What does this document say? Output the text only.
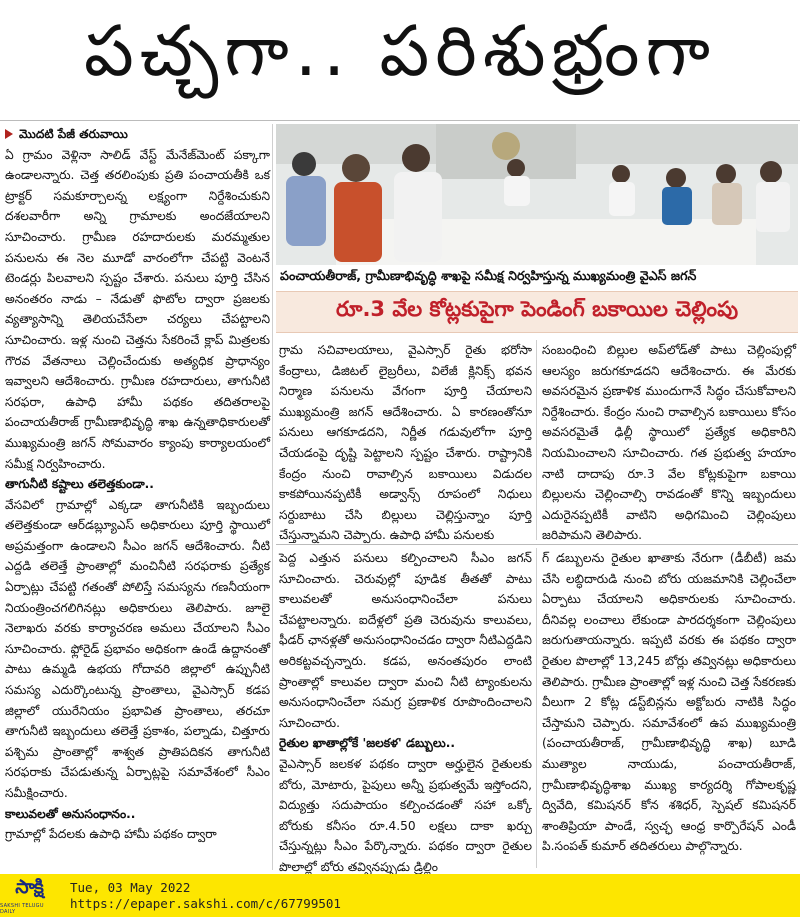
పచ్చగా.. పరిశుభ్రంగా
మొదటి పేజీ తరువాయి

ఏ గ్రామం వెళ్లినా సాలిడ్ వేస్ట్ మేనేజ్‌మెంట్ పక్కాగా ఉండాలన్నారు. చెత్త తరలింపుకు ప్రతి పంచాయతీకి ఒక ట్రాక్టర్ సమకూర్చాలన్న లక్ష్యంగా నిర్దేశించుకుని దశలవారీగా అన్ని గ్రామాలకు అందజేయాలని సూచించారు. గ్రామీణ రహదారులకు మరమ్మతుల పనులను ఈ నెల మూడో వారంలోగా చేపట్టి వెంటనే టెండర్లు పిలవాలని స్పష్టం చేశారు. పనులు పూర్తి చేసిన అనంతరం నాడు – నేడుతో ఫొటోల ద్వారా ప్రజలకు వ్యత్యాసాన్ని తెలియచేసేలా చర్యలు చేపట్టాలని సూచించారు. ఇళ్ల నుంచి చెత్తను సేకరించే క్లాప్ మిత్రలకు గౌరవ వేతనాలు చెల్లించేందుకు అత్యధిక ప్రాధాన్యం ఇవ్వాలని ఆదేశించారు. గ్రామీణ రహదారులు, తాగునీటి సరఫరా, ఉపాధి హామీ పథకం తదితరాలపై పంచాయతీరాజ్ గ్రామీణాభివృద్ధి శాఖ ఉన్నతాధికారులతో ముఖ్యమంత్రి జగన్ సోమవారం క్యాంపు కార్యాలయంలో సమీక్ష నిర్వహించారు.

తాగునీటి కష్టాలు తలెత్తకుండా..

వేసవిలో గ్రామాల్లో ఎక్కడా తాగునీటికి ఇబ్బందులు తలెత్తకుండా ఆర్‌డబ్ల్యూఎస్ అధికారులు పూర్తి స్థాయిలో అప్రమత్తంగా ఉండాలని సీఎం జగన్ ఆదేశించారు. నీటి ఎద్దడి తలెత్తే ప్రాంతాల్లో మంచినీటి సరఫరాకు ప్రత్యేక ఏర్పాట్లు చేపట్టి గతంతో పోలిస్తే సమస్యను గణనీయంగా నియంత్రించగలిగినట్లు అధికారులు తెలిపారు. జూలై నెలాఖరు వరకు కార్యాచరణ అమలు చేయాలని సీఎం సూచించారు. ఫ్లోరైడ్ ప్రభావం అధికంగా ఉండే ఉద్దానంతో పాటు ఉమ్మడి ఉభయ గోదావరి జిల్లాలో ఉప్పునీటి సమస్య ఎదుర్కొంటున్న ప్రాంతాలు, వైఎస్సార్ కడప జిల్లాలో యురేనియం ప్రభావిత ప్రాంతాలు, తరచూ తాగునీటి ఇబ్బందులు తలెత్తే ప్రకాశం, పల్నాడు, చిత్తూరు పశ్చిమ ప్రాంతాల్లో శాశ్వత ప్రాతిపదికన తాగునీటి సరఫరాకు చేపడుతున్న ఏర్పాట్లపై సమావేశంలో సీఎం సమీక్షించారు.

కాలువలతో అనుసంధానం..

గ్రామాల్లో పేదలకు ఉపాధి హామీ పథకం ద్వారా

పంచాయతీరాజ్, గ్రామీణాభివృద్ధి శాఖపై సమీక్ష నిర్వహిస్తున్న ముఖ్యమంత్రి వైఎస్ జగన్
రూ.3 వేల కోట్లకుపైగా పెండింగ్ బకాయిల చెల్లింపు

గ్రామ సచివాలయాలు, వైఎస్సార్ రైతు భరోసా కేంద్రాలు, డిజిటల్ లైబ్రరీలు, విలేజీ క్లినిక్స్ భవన నిర్మాణ పనులను వేగంగా పూర్తి చేయాలని ముఖ్యమంత్రి జగన్ ఆదేశించారు. ఏ కారణంతోనూ పనులు ఆగకూడదని, నిర్ణీత గడువులోగా పూర్తి చేయడంపై దృష్టి పెట్టాలని స్పష్టం చేశారు. రాష్ట్రానికి కేంద్రం నుంచి రావాల్సిన బకాయిలు విడుదల కాకపోయినప్పటికీ అడ్వాన్స్ రూపంలో నిధులు సర్దుబాటు చేసి బిల్లులు చెల్లిస్తున్నాం పూర్తి చేస్తున్నామని చెప్పారు. ఉపాధి హామీ పనులకు

సంబంధించి బిల్లుల అప్‌లోడ్‌తో పాటు చెల్లింపుల్లో ఆలస్యం జరుగకూడదని ఆదేశించారు. ఈ మేరకు అవసరమైన ప్రణాళిక ముందుగానే సిద్ధం చేసుకోవాలని నిర్దేశించారు. కేంద్రం నుంచి రావాల్సిన బకాయిలు కోసం అవసరమైతే ఢిల్లీ స్థాయిలో ప్రత్యేక అధికారిని నియమించాలని సూచించారు. గత ప్రభుత్వ హయాం నాటి దాదాపు రూ.3 వేల కోట్లకుపైగా బకాయి బిల్లులను చెల్లించాల్సి రావడంతో కొన్ని ఇబ్బందులు ఎదురైనప్పటికీ వాటిని అధిగమించి చెల్లింపులు జరిపామని తెలిపారు.

పెద్ద ఎత్తున పనులు కల్పించాలని సీఎం జగన్ సూచించారు. చెరువుల్లో పూడిక తీతతో పాటు కాలువలతో అనుసంధానించేలా పనులు చేపట్టాలన్నారు. ఐదేళ్లలో ప్రతి చెరువును కాలువలు, ఫీడర్ ఛానళ్లతో అనుసంధానించడం ద్వారా నీటిఎద్దడిని అరికట్టవచ్చన్నారు. కడప, అనంతపురం లాంటి ప్రాంతాల్లో కాలువల ద్వారా మంచి నీటి ట్యాంకులను అనుసంధానించేలా సమగ్ర ప్రణాళిక రూపొందించాలని సూచించారు.

రైతుల ఖాతాల్లోకే 'జలకళ' డబ్బులు..

వైఎస్సార్ జలకళ పథకం ద్వారా అర్హులైన రైతులకు బోరు, మోటారు, పైపులు అన్నీ ప్రభుత్వమే ఇస్తోందని, విద్యుత్తు సదుపాయం కల్పించడంతో సహా ఒక్కో బోరుకు కనీసం రూ.4.50 లక్షలు దాకా ఖర్చు చేస్తున్నట్లు సీఎం పేర్కొన్నారు. పథకం ద్వారా రైతుల పొలాల్లో బోరు తవ్వినప్పుడు డ్రిల్లిం

గ్ డబ్బులను రైతుల ఖాతాకు నేరుగా (డీబీటీ) జమ చేసి లబ్ధిదారుడి నుంచి బోరు యజమానికి చెల్లించేలా ఏర్పాటు చేయాలని అధికారులకు సూచించారు. దీనివల్ల లంచాలు లేకుండా పారదర్శకంగా చెల్లింపులు జరుగుతాయన్నారు. ఇప్పటి వరకు ఈ పథకం ద్వారా రైతుల పొలాల్లో 13,245 బోర్లు తవ్వినట్లు అధికారులు తెలిపారు. గ్రామీణ ప్రాంతాల్లో ఇళ్ల నుంచి చెత్త సేకరణకు వీలుగా 2 కోట్ల డస్ట్‌బిన్లను అక్టోబరు నాటికి సిద్ధం చేస్తామని చెప్పారు. సమావేశంలో ఉప ముఖ్యమంత్రి (పంచాయతీరాజ్, గ్రామీణాభివృద్ధి శాఖ) బూడి ముత్యాల నాయుడు, పంచాయతీరాజ్, గ్రామీణాభివృద్ధిశాఖ ముఖ్య కార్యదర్శి గోపాలకృష్ణ ద్వివేది, కమిషనర్ కోన శశిధర్, స్పెషల్ కమిషనర్ శాంతిప్రియా పాండే, స్వచ్ఛ ఆంధ్ర కార్పొరేషన్ ఎండీ పి.సంపత్ కుమార్ తదితరులు పాల్గొన్నారు.

సాక్షి
SAKSHI TELUGU DAILY
Tue, 03 May 2022
https://epaper.sakshi.com/c/67799501
